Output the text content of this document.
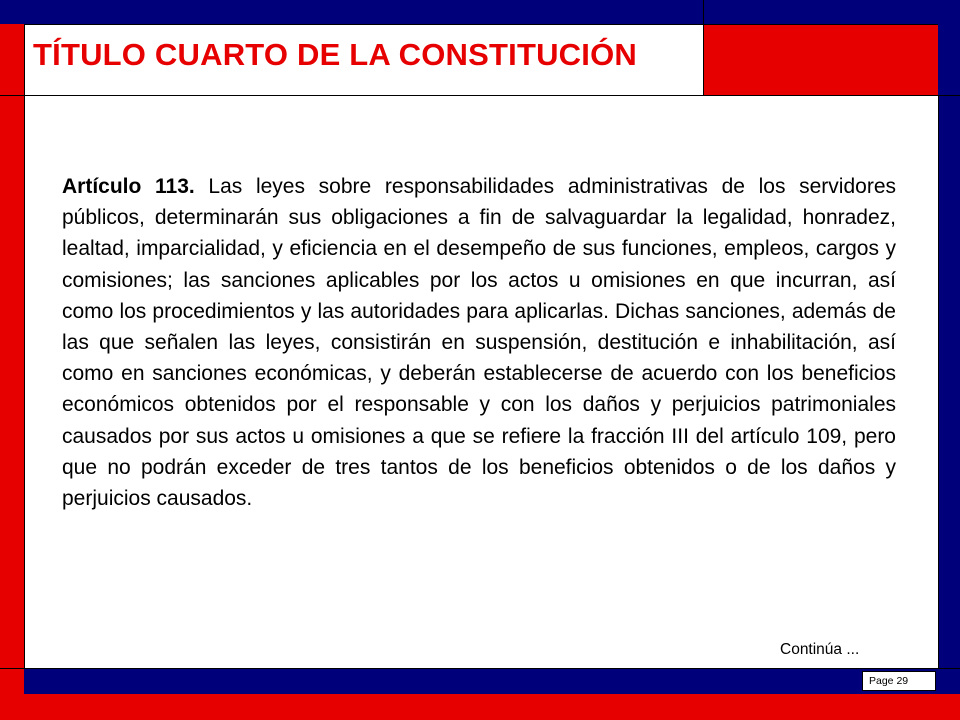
TÍTULO CUARTO DE LA CONSTITUCIÓN

Artículo 113. Las leyes sobre responsabilidades administrativas de los servidores públicos, determinarán sus obligaciones a fin de salvaguardar la legalidad, honradez, lealtad, imparcialidad, y eficiencia en el desempeño de sus funciones, empleos, cargos y comisiones; las sanciones aplicables por los actos u omisiones en que incurran, así como los procedimientos y las autoridades para aplicarlas. Dichas sanciones, además de las que señalen las leyes, consistirán en suspensión, destitución e inhabilitación, así como en sanciones económicas, y deberán establecerse de acuerdo con los beneficios económicos obtenidos por el responsable y con los daños y perjuicios patrimoniales causados por sus actos u omisiones a que se refiere la fracción III del artículo 109, pero que no podrán exceder de tres tantos de los beneficios obtenidos o de los daños y perjuicios causados.

Continúa ...
Page 29
